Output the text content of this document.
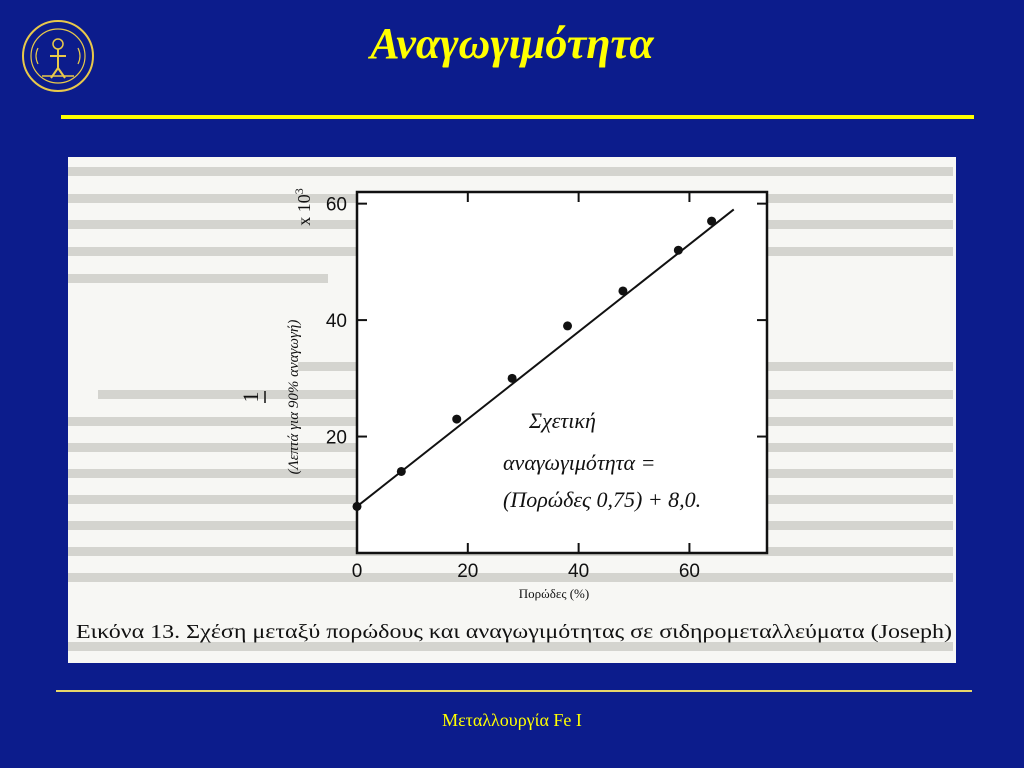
Αναγωγιμότητα
20
40
60
0	20	40	60
x $10^3$
1 (Λεπτά για 90% αναγωγή)	Σχετική
αναγωγιμότητα =
(Πορώδες 0,75) + 8,0.
Πορώδες (%)
Εικόνα 13. Σχέση μεταξύ πορώδους και αναγωγιμότητας σε σιδηρομεταλλεύματα (Joseph)
Μεταλλουργία Fe I
